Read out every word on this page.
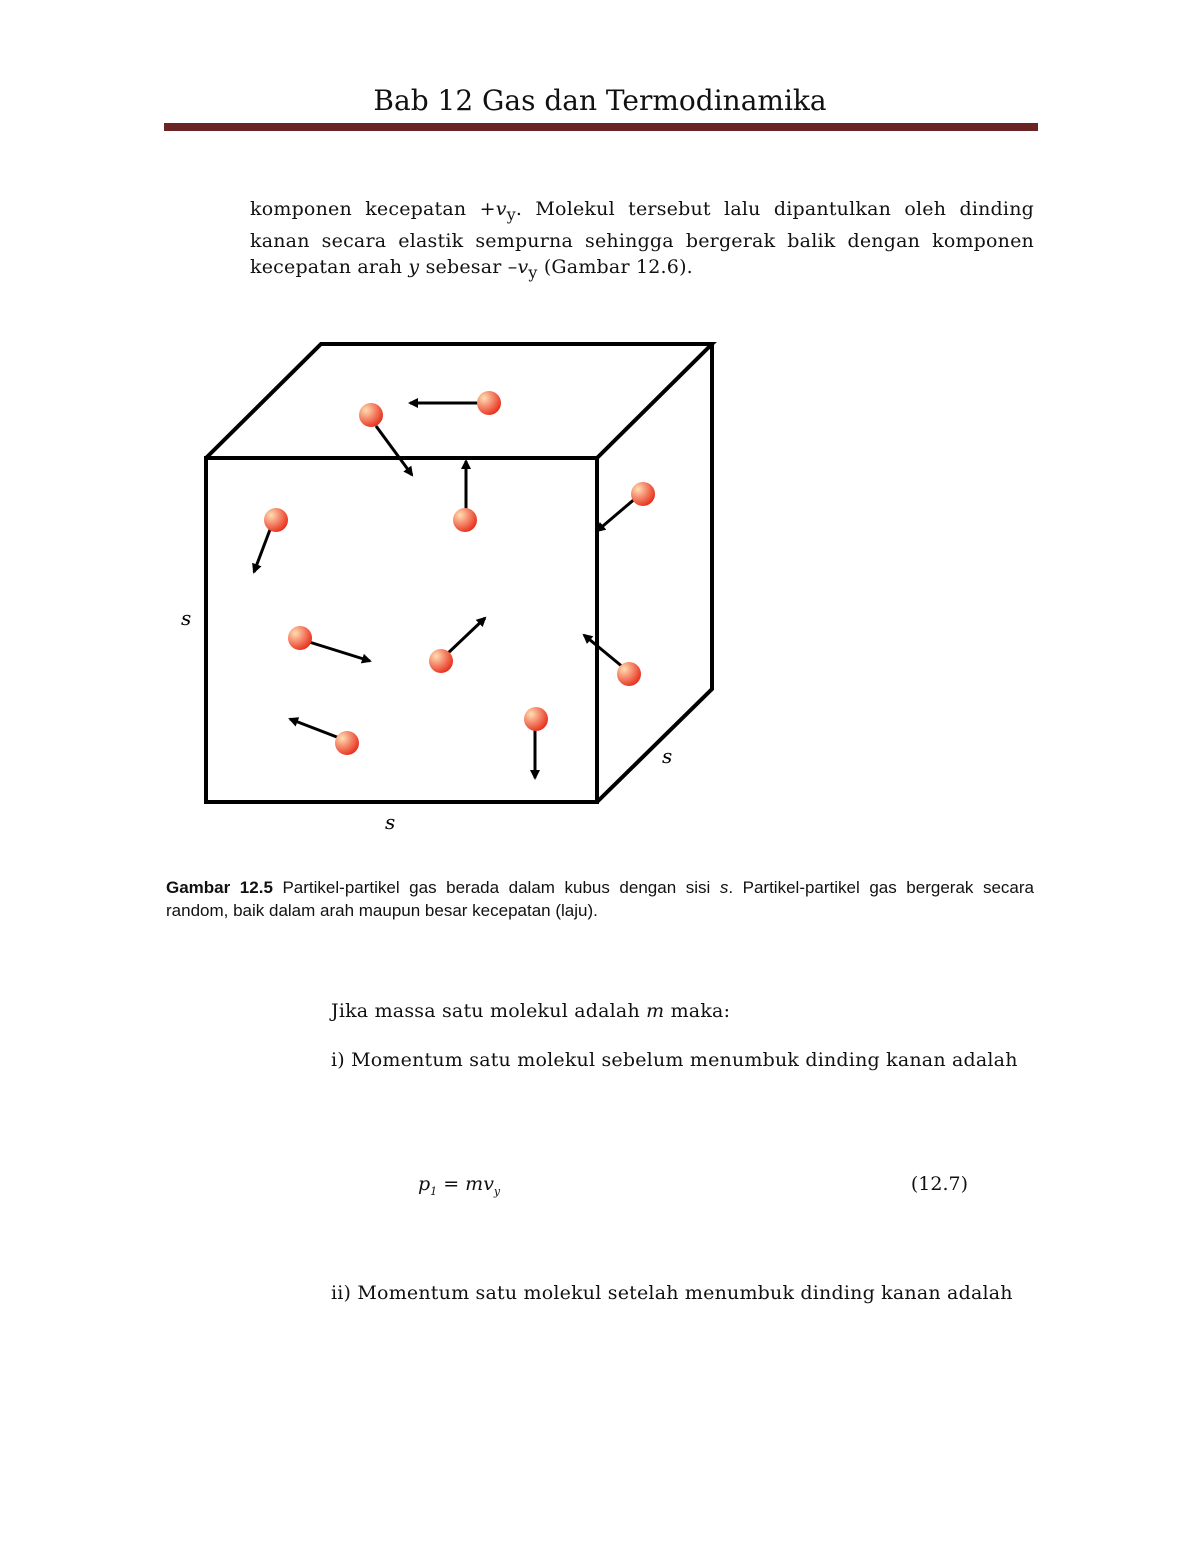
Bab 12 Gas dan Termodinamika
komponen kecepatan $+v_y$. Molekul tersebut lalu dipantulkan oleh dinding
kanan secara elastik sempurna sehingga bergerak balik dengan komponen
kecepatan arah y sebesar $-v_y$ (Gambar 12.6).
s
s
s
Gambar 12.5 Partikel-partikel gas berada dalam kubus dengan sisi s. Partikel-partikel gas bergerak secara random, baik dalam arah maupun besar kecepatan (laju).
Jika massa satu molekul adalah m maka:
i) Momentum satu molekul sebelum menumbuk dinding kanan adalah
$p_1 = mv_y$	(12.7)
ii) Momentum satu molekul setelah menumbuk dinding kanan adalah
